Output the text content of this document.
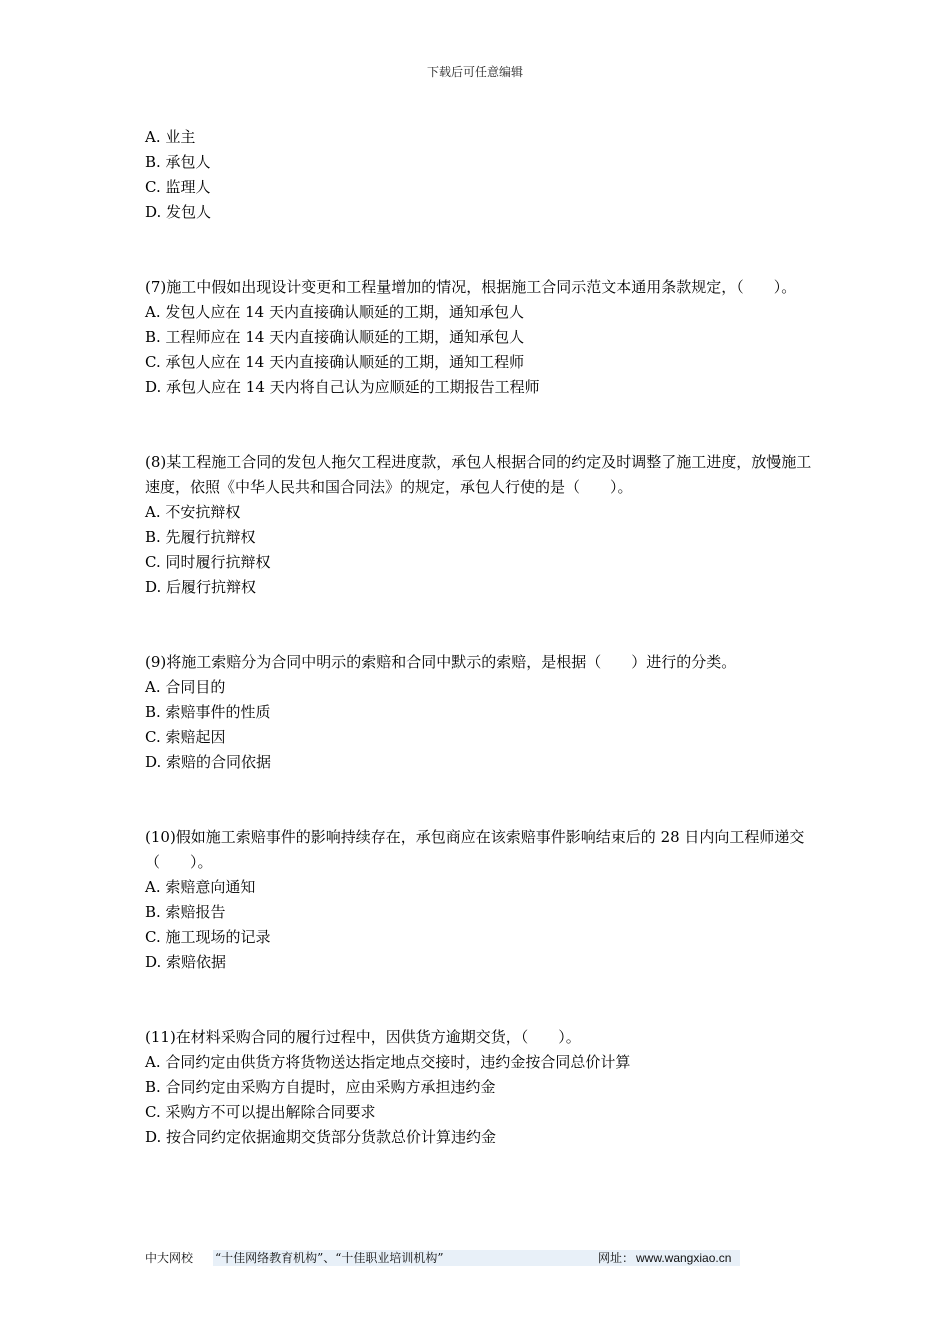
下载后可任意编辑
A. 业主
B. 承包人
C. 监理人
D. 发包人
(7)施工中假如出现设计变更和工程量增加的情况，根据施工合同示范文本通用条款规定，（　　）。
A. 发包人应在 14 天内直接确认顺延的工期，通知承包人
B. 工程师应在 14 天内直接确认顺延的工期，通知承包人
C. 承包人应在 14 天内直接确认顺延的工期，通知工程师
D. 承包人应在 14 天内将自己认为应顺延的工期报告工程师
(8)某工程施工合同的发包人拖欠工程进度款，承包人根据合同的约定及时调整了施工进度，放慢施工速度，依照《中华人民共和国合同法》的规定，承包人行使的是（　　）。
A. 不安抗辩权
B. 先履行抗辩权
C. 同时履行抗辩权
D. 后履行抗辩权
(9)将施工索赔分为合同中明示的索赔和合同中默示的索赔，是根据（　　）进行的分类。
A. 合同目的
B. 索赔事件的性质
C. 索赔起因
D. 索赔的合同依据
(10)假如施工索赔事件的影响持续存在，承包商应在该索赔事件影响结束后的 28 日内向工程师递交（　　）。
A. 索赔意向通知
B. 索赔报告
C. 施工现场的记录
D. 索赔依据
(11)在材料采购合同的履行过程中，因供货方逾期交货，（　　）。
A. 合同约定由供货方将货物送达指定地点交接时，违约金按合同总价计算
B. 合同约定由采购方自提时，应由采购方承担违约金
C. 采购方不可以提出解除合同要求
D. 按合同约定依据逾期交货部分货款总价计算违约金
中大网校 “十佳网络教育机构”、“十佳职业培训机构”	网址： www.wangxiao.cn
